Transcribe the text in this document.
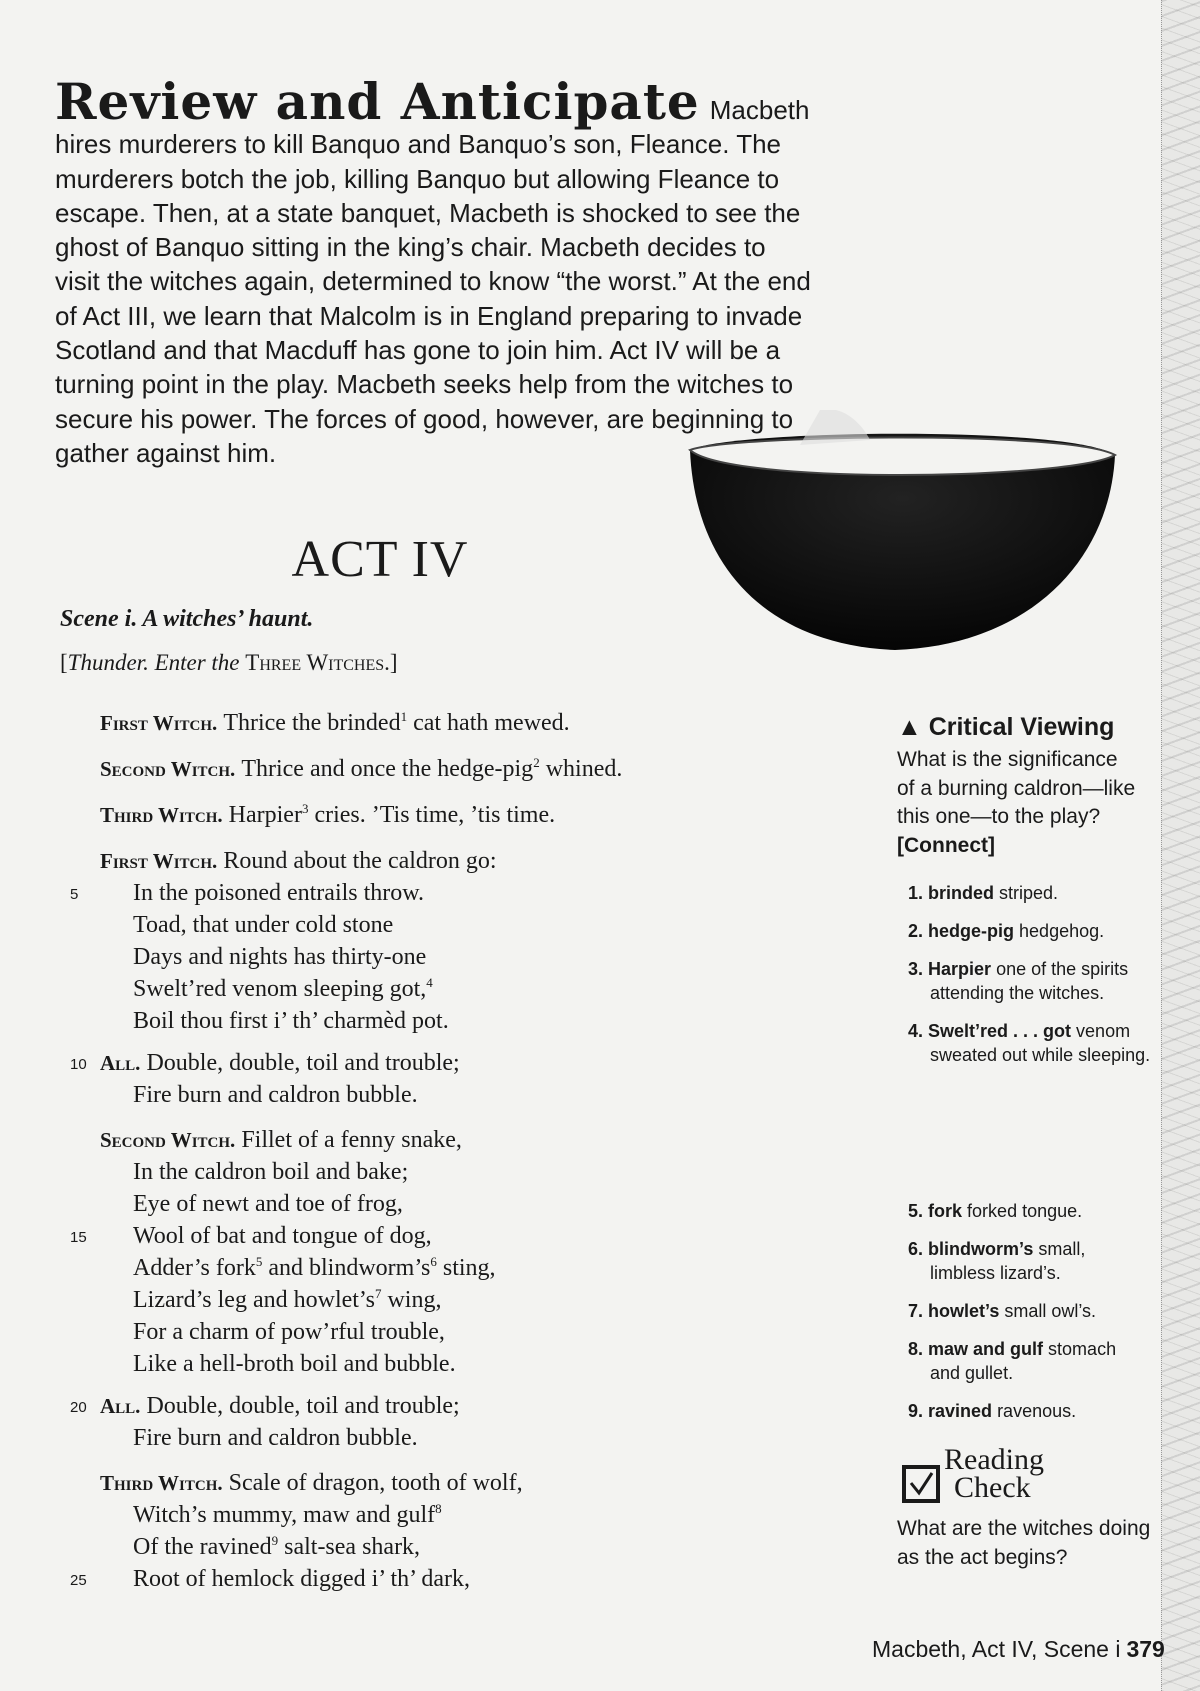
Review and Anticipate Macbeth hires murderers to kill Banquo and Banquo’s son, Fleance. The murderers botch the job, killing Banquo but allowing Fleance to escape. Then, at a state banquet, Macbeth is shocked to see the ghost of Banquo sitting in the king’s chair. Macbeth decides to visit the witches again, determined to know “the worst.” At the end of Act III, we learn that Malcolm is in England preparing to invade Scotland and that Macduff has gone to join him. Act IV will be a turning point in the play. Macbeth seeks help from the witches to secure his power. The forces of good, however, are beginning to gather against him.
ACT IV
Scene i. A witches’ haunt.
[Thunder. Enter the Three Witches.]
First Witch. Thrice the brinded$^1$ cat hath mewed.
Second Witch. Thrice and once the hedge-pig$^2$ whined.
Third Witch. Harpier$^3$ cries. ’Tis time, ’tis time.
First Witch. Round about the caldron go:
In the poisoned entrails throw.
5
Toad, that under cold stone
Days and nights has thirty-one
Swelt’red venom sleeping got,$^4$
Boil thou first i’ th’ charmèd pot.
All. Double, double, toil and trouble;
10
Fire burn and caldron bubble.
Second Witch. Fillet of a fenny snake,
In the caldron boil and bake;
Eye of newt and toe of frog,
Wool of bat and tongue of dog,
15
Adder’s fork$^5$ and $blindworm’s^6$ sting,
Lizard’s leg and $howlet’s^7$ wing,
For a charm of pow’rful trouble,
Like a hell-broth boil and bubble.
All. Double, double, toil and trouble;
20
Fire burn and caldron bubble.
Third Witch. Scale of dragon, tooth of wolf,
Witch’s mummy, maw and gulf$^8$
Of the ravined$^9$ salt-sea shark,
Root of hemlock digged i’ th’ dark,
25
▲ Critical Viewing
What is the significance of a burning caldron—like this one—to the play?
[Connect]
1. brinded striped.
2. hedge-pig hedgehog.
3. Harpier one of the spirits
attending the witches.
4. Swelt’red . . . got venom
sweated out while sleeping.
5. fork forked tongue.
6. blindworm’s small,
limbless lizard’s.
7. howlet’s small owl’s.
8. maw and gulf stomach
and gullet.
9. ravined ravenous.
Reading
Check
What are the witches doing as the act begins?
Macbeth, Act IV, Scene i 379
